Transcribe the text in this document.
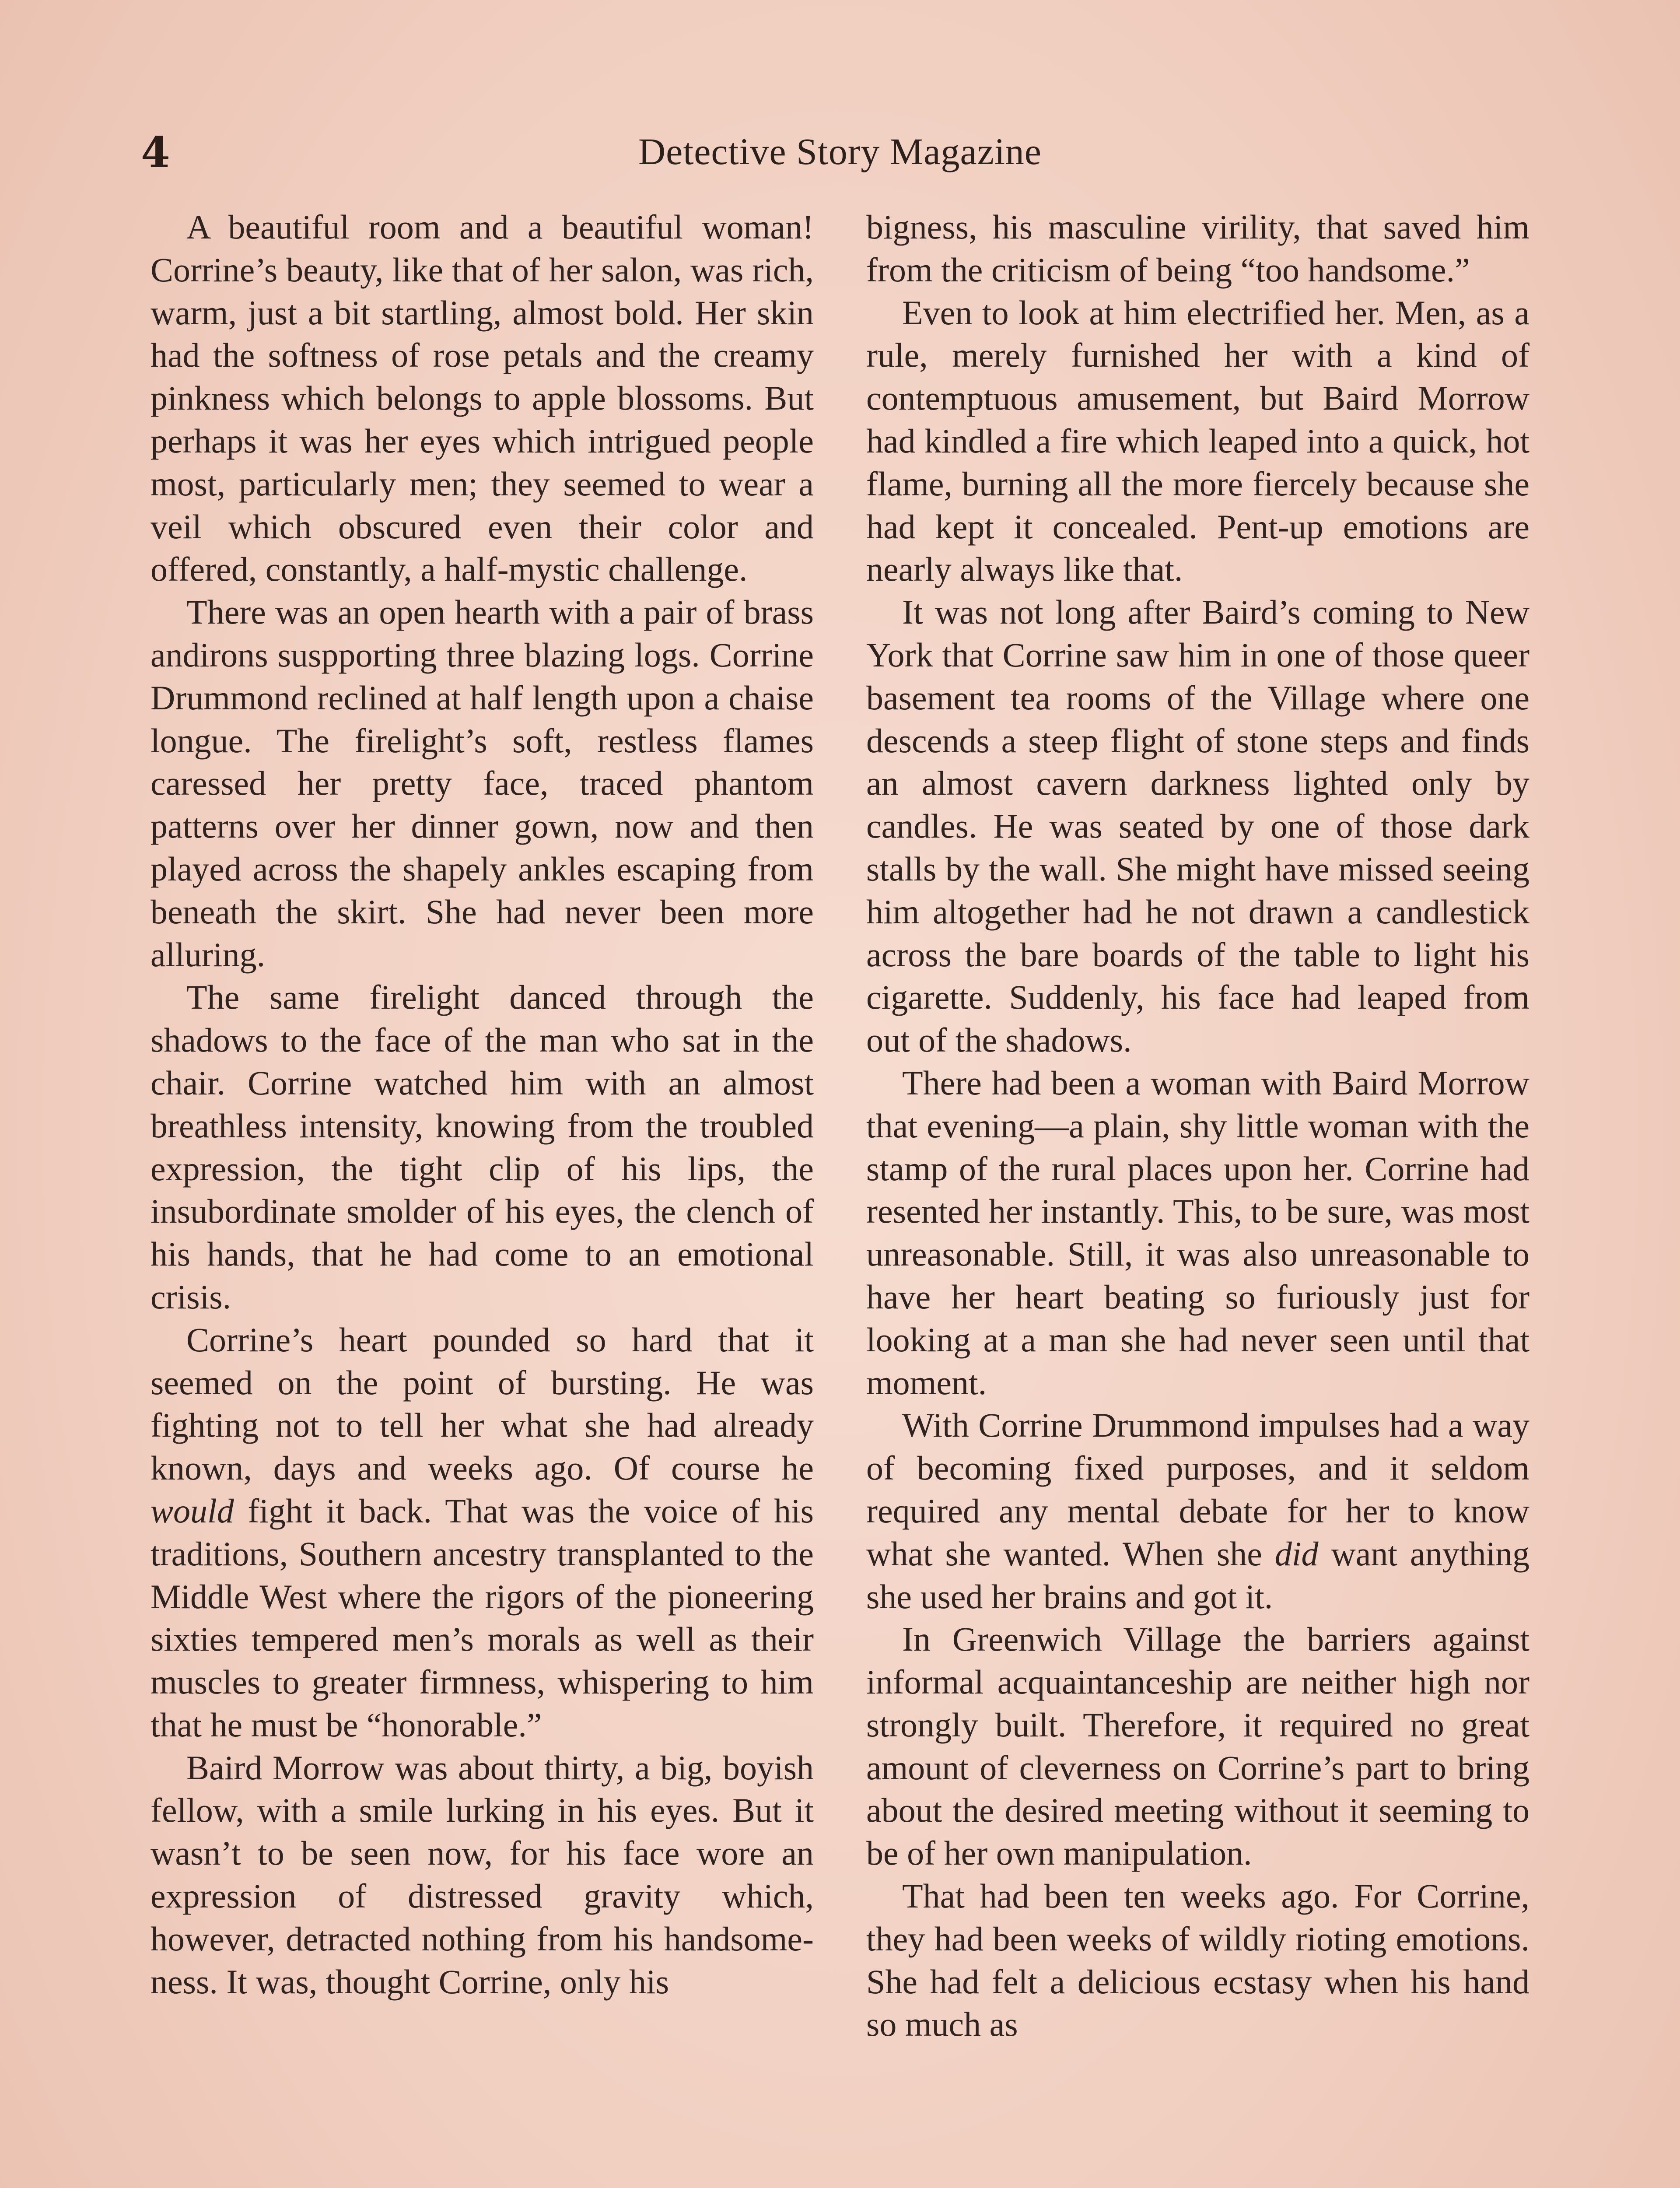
4	Detective Story Magazine

A beautiful room and a beautiful woman! Corrine’s beauty, like that of her salon, was rich, warm, just a bit startling, almost bold. Her skin had the softness of rose petals and the creamy pinkness which belongs to apple blossoms. But perhaps it was her eyes which intrigued people most, particularly men; they seemed to wear a veil which obscured even their color and offered, constantly, a half-mystic challenge.

There was an open hearth with a pair of brass andirons suspporting three blazing logs. Corrine Drummond reclined at half length upon a chaise longue. The firelight’s soft, restless flames caressed her pretty face, traced phantom patterns over her dinner gown, now and then played across the shapely ankles escaping from beneath the skirt. She had never been more alluring.

The same firelight danced through the shadows to the face of the man who sat in the chair. Corrine watched him with an almost breathless intensity, knowing from the troubled expression, the tight clip of his lips, the insubordinate smolder of his eyes, the clench of his hands, that he had come to an emotional crisis.

Corrine’s heart pounded so hard that it seemed on the point of bursting. He was fighting not to tell her what she had already known, days and weeks ago. Of course he would fight it back. That was the voice of his traditions, Southern ancestry transplanted to the Middle West where the rigors of the pioneering sixties tempered men’s morals as well as their muscles to greater firmness, whispering to him that he must be “honorable.”

Baird Morrow was about thirty, a big, boyish fellow, with a smile lurking in his eyes. But it wasn’t to be seen now, for his face wore an expression of distressed gravity which, however, detracted nothing from his handsomeness. It was, thought Corrine, only his

bigness, his masculine virility, that saved him from the criticism of being “too handsome.”

Even to look at him electrified her. Men, as a rule, merely furnished her with a kind of contemptuous amusement, but Baird Morrow had kindled a fire which leaped into a quick, hot flame, burning all the more fiercely because she had kept it concealed. Pent-up emotions are nearly always like that.

It was not long after Baird’s coming to New York that Corrine saw him in one of those queer basement tea rooms of the Village where one descends a steep flight of stone steps and finds an almost cavern darkness lighted only by candles. He was seated by one of those dark stalls by the wall. She might have missed seeing him altogether had he not drawn a candlestick across the bare boards of the table to light his cigarette. Suddenly, his face had leaped from out of the shadows.

There had been a woman with Baird Morrow that evening—a plain, shy little woman with the stamp of the rural places upon her. Corrine had resented her instantly. This, to be sure, was most unreasonable. Still, it was also unreasonable to have her heart beating so furiously just for looking at a man she had never seen until that moment.

With Corrine Drummond impulses had a way of becoming fixed purposes, and it seldom required any mental debate for her to know what she wanted. When she did want anything she used her brains and got it.

In Greenwich Village the barriers against informal acquaintanceship are neither high nor strongly built. Therefore, it required no great amount of cleverness on Corrine’s part to bring about the desired meeting without it seeming to be of her own manipulation.

That had been ten weeks ago. For Corrine, they had been weeks of wildly rioting emotions. She had felt a delicious ecstasy when his hand so much as
